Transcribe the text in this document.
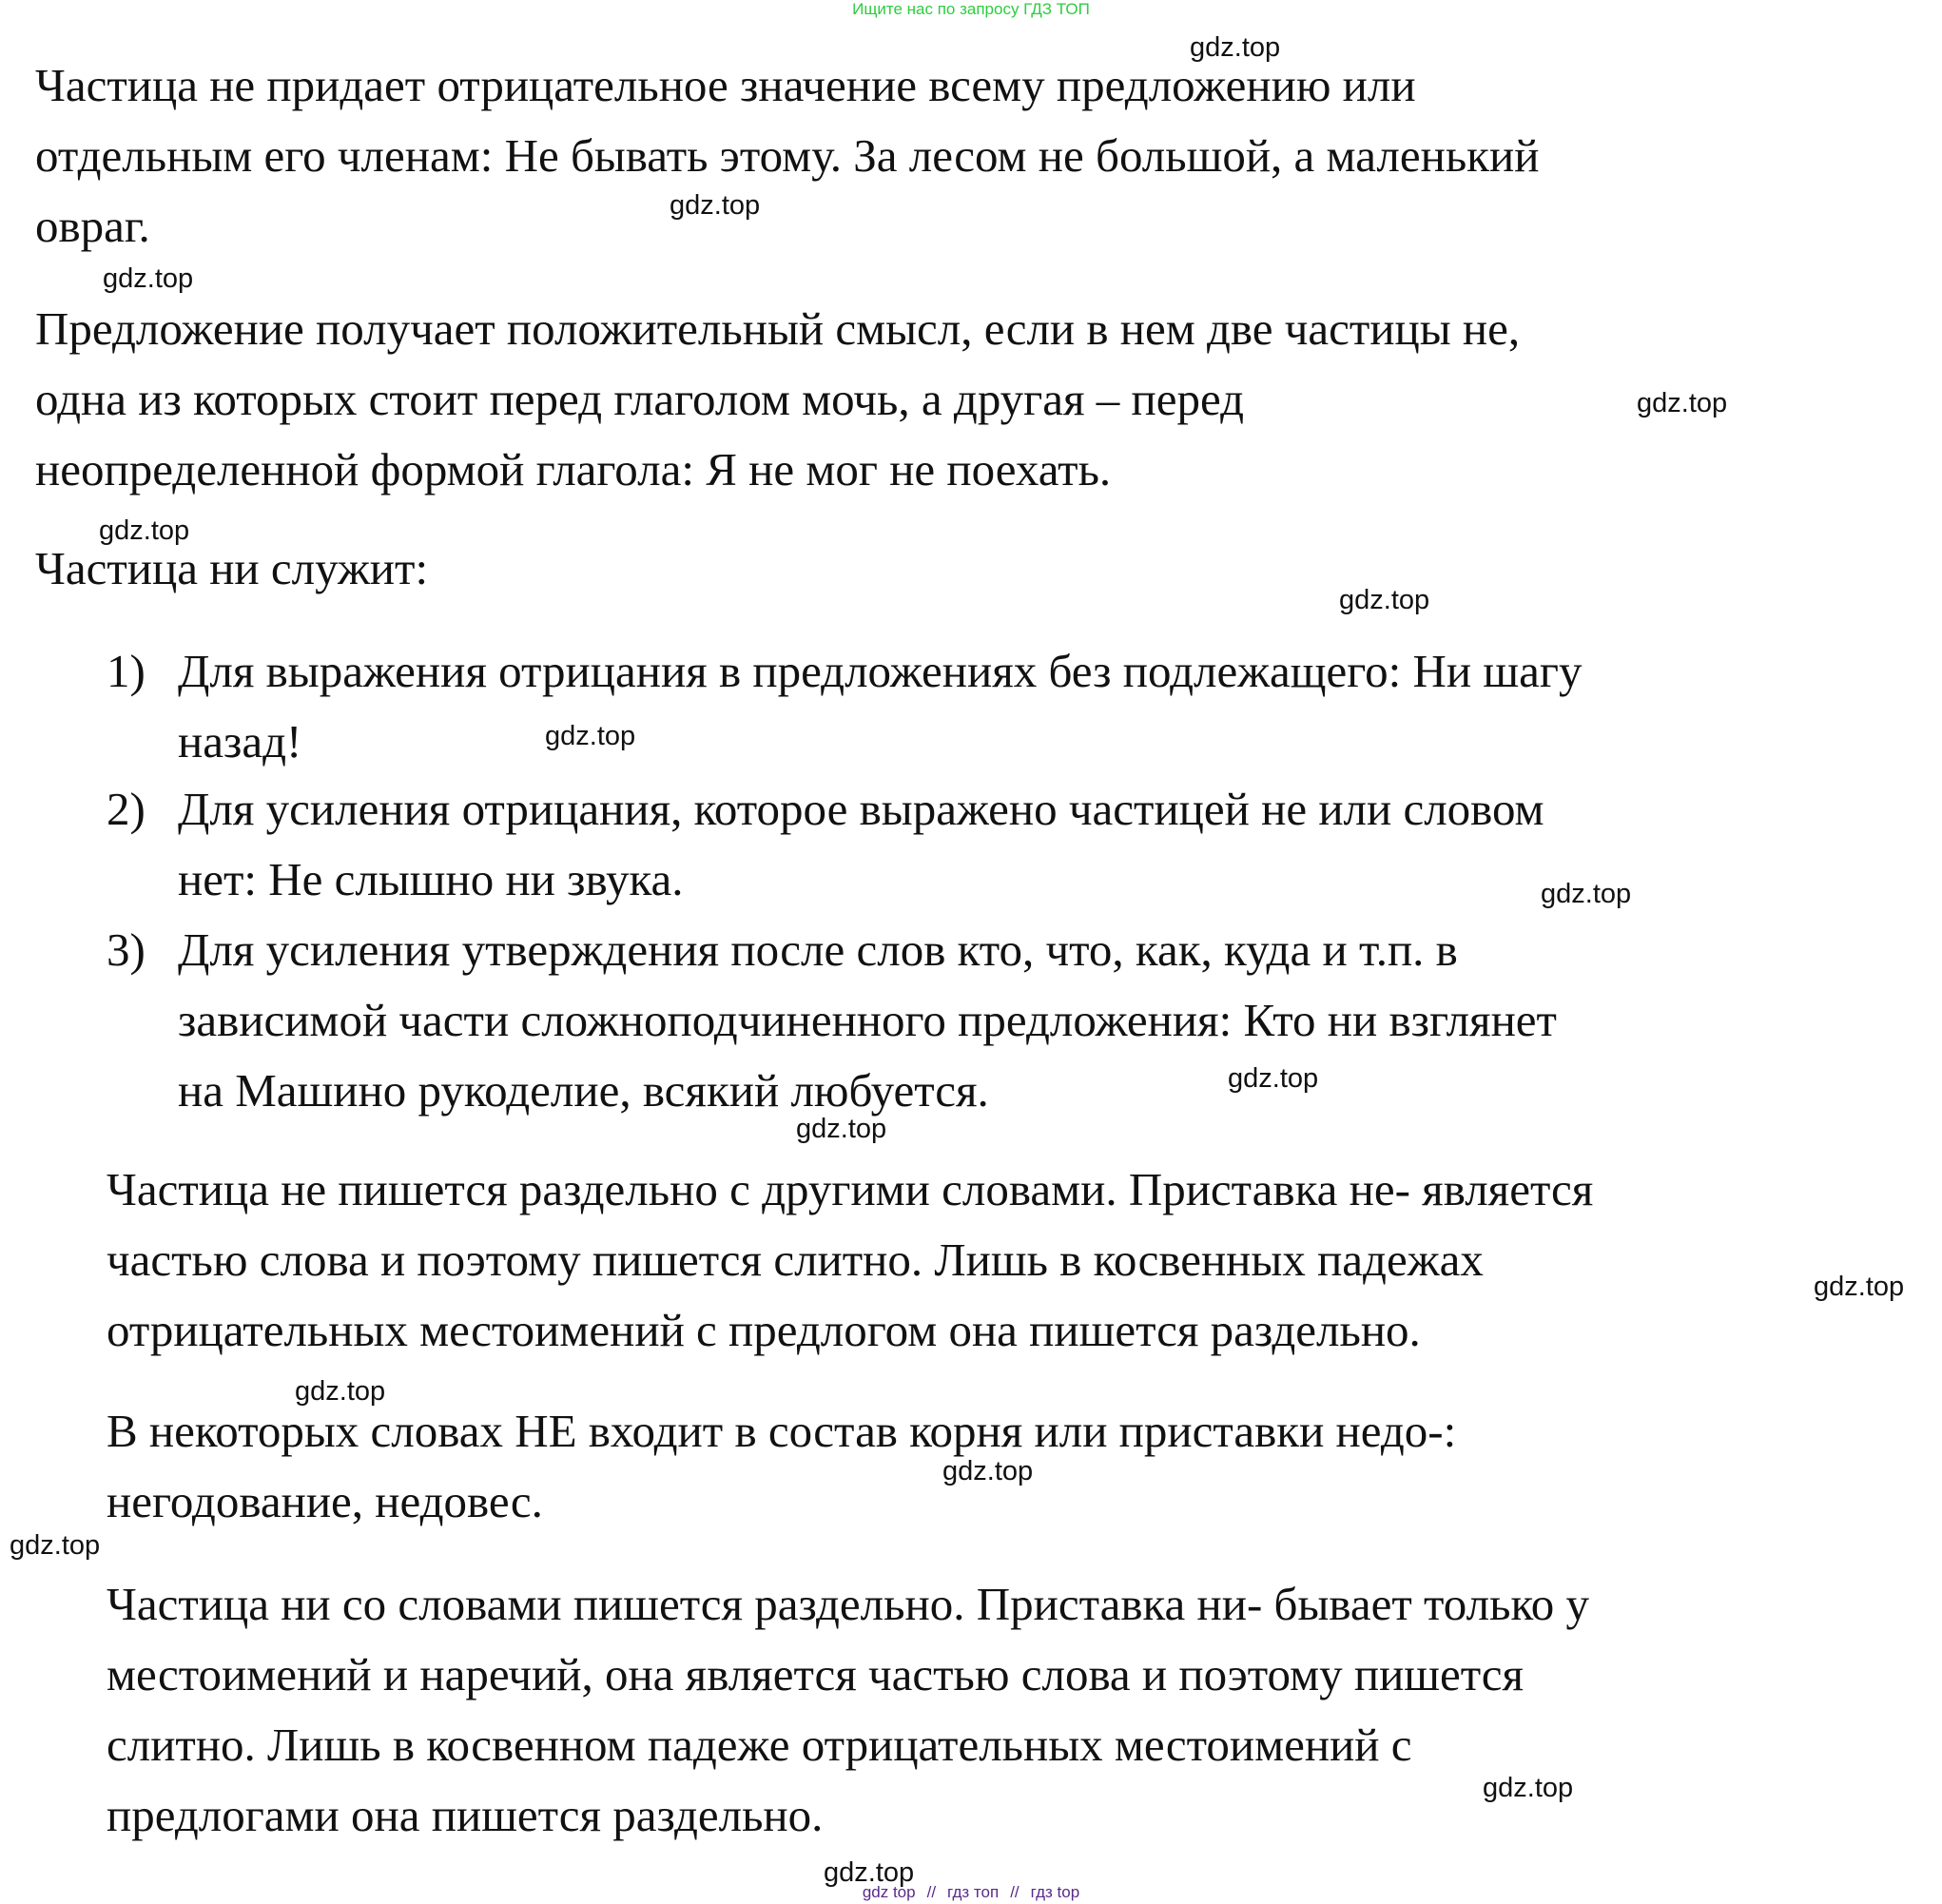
Ищите нас по запросу ГДЗ ТОП
Частица не придает отрицательное значение всему предложению или
отдельным его членам: Не бывать этому. За лесом не большой, а маленький
овраг.
Предложение получает положительный смысл, если в нем две частицы не,
одна из которых стоит перед глаголом мочь, а другая – перед
неопределенной формой глагола: Я не мог не поехать.
Частица ни служит:
1) Для выражения отрицания в предложениях без подлежащего: Ни шагу
назад!
2) Для усиления отрицания, которое выражено частицей не или словом
нет: Не слышно ни звука.
3) Для усиления утверждения после слов кто, что, как, куда и т.п. в
зависимой части сложноподчиненного предложения: Кто ни взглянет
на Машино рукоделие, всякий любуется.
Частица не пишется раздельно с другими словами. Приставка не- является
частью слова и поэтому пишется слитно. Лишь в косвенных падежах
отрицательных местоимений с предлогом она пишется раздельно.
В некоторых словах НЕ входит в состав корня или приставки недо-:
негодование, недовес.
Частица ни со словами пишется раздельно. Приставка ни- бывает только у
местоимений и наречий, она является частью слова и поэтому пишется
слитно. Лишь в косвенном падеже отрицательных местоимений с
предлогами она пишется раздельно.
gdz.top
gdz.top
gdz.top
gdz.top
gdz.top
gdz.top
gdz.top
gdz.top
gdz.top
gdz.top
gdz.top
gdz.top
gdz.top
gdz.top
gdz.top
gdz.top
gdz top // гдз топ // гдз top
